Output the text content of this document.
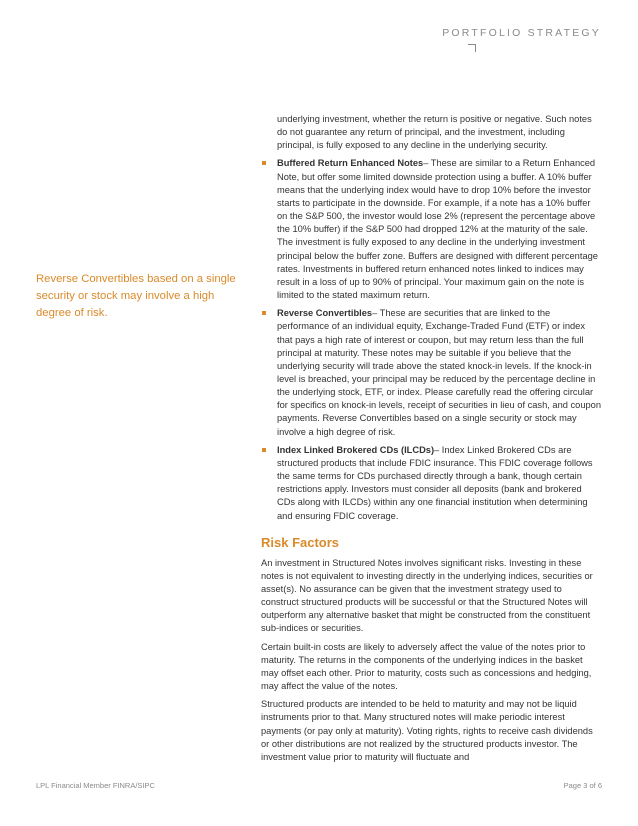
PORTFOLIO STRATEGY
Reverse Convertibles based on a single security or stock may involve a high degree of risk.

underlying investment, whether the return is positive or negative. Such notes do not guarantee any return of principal, and the investment, including principal, is fully exposed to any decline in the underlying security.

Buffered Return Enhanced Notes– These are similar to a Return Enhanced Note, but offer some limited downside protection using a buffer. A 10% buffer means that the underlying index would have to drop 10% before the investor starts to participate in the downside. For example, if a note has a 10% buffer on the S&P 500, the investor would lose 2% (represent the percentage above the 10% buffer) if the S&P 500 had dropped 12% at the maturity of the sale. The investment is fully exposed to any decline in the underlying investment principal below the buffer zone. Buffers are designed with different percentage rates. Investments in buffered return enhanced notes linked to indices may result in a loss of up to 90% of principal. Your maximum gain on the note is limited to the stated maximum return.
Reverse Convertibles– These are securities that are linked to the performance of an individual equity, Exchange-Traded Fund (ETF) or index that pays a high rate of interest or coupon, but may return less than the full principal at maturity. These notes may be suitable if you believe that the underlying security will trade above the stated knock-in levels. If the knock-in level is breached, your principal may be reduced by the percentage decline in the underlying stock, ETF, or index. Please carefully read the offering circular for specifics on knock-in levels, receipt of securities in lieu of cash, and coupon payments. Reverse Convertibles based on a single security or stock may involve a high degree of risk.
Index Linked Brokered CDs (ILCDs)– Index Linked Brokered CDs are structured products that include FDIC insurance. This FDIC coverage follows the same terms for CDs purchased directly through a bank, though certain restrictions apply. Investors must consider all deposits (bank and brokered CDs along with ILCDs) within any one financial institution when determining and ensuring FDIC coverage.
Risk Factors

An investment in Structured Notes involves significant risks. Investing in these notes is not equivalent to investing directly in the underlying indices, securities or asset(s). No assurance can be given that the investment strategy used to construct structured products will be successful or that the Structured Notes will outperform any alternative basket that might be constructed from the constituent sub-indices or securities.

Certain built-in costs are likely to adversely affect the value of the notes prior to maturity. The returns in the components of the underlying indices in the basket may offset each other. Prior to maturity, costs such as concessions and hedging, may affect the value of the notes.

Structured products are intended to be held to maturity and may not be liquid instruments prior to that. Many structured notes will make periodic interest payments (or pay only at maturity). Voting rights, rights to receive cash dividends or other distributions are not realized by the structured products investor. The investment value prior to maturity will fluctuate and

LPL Financial Member FINRA/SIPC	Page 3 of 6
